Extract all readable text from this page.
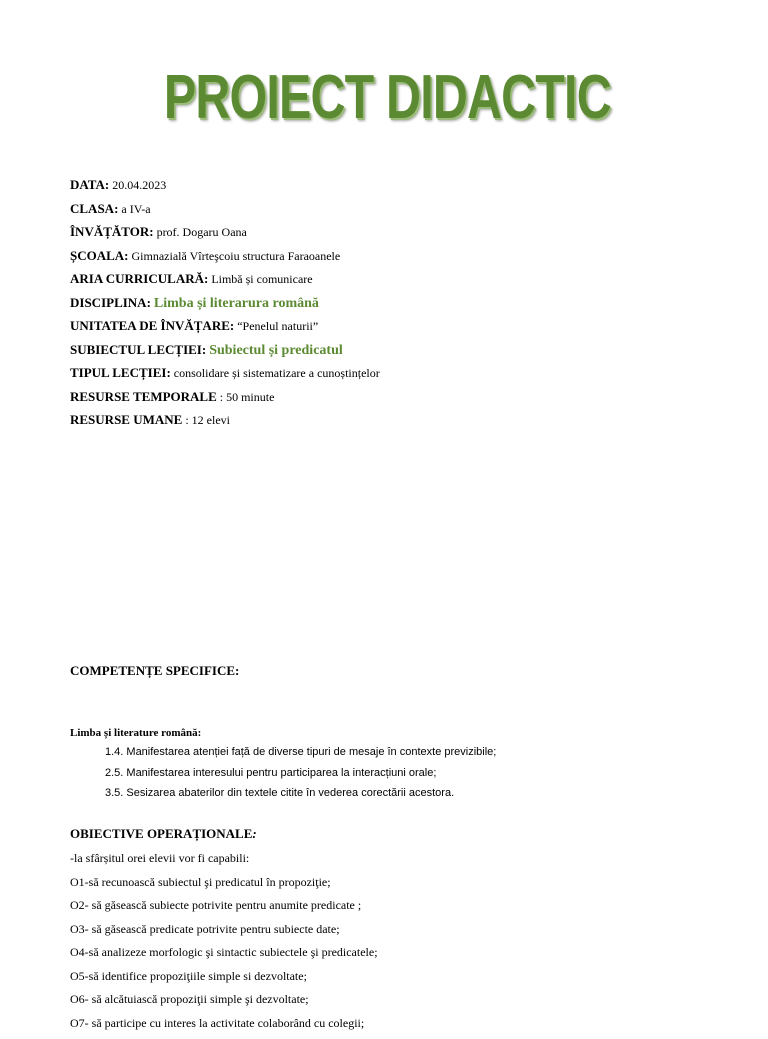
PROIECT DIDACTIC
DATA: 20.04.2023
CLASA: a IV-a
ÎNVĂȚĂTOR: prof. Dogaru Oana
ȘCOALA: Gimnazială Vîrteşcoiu structura Faraoanele
ARIA CURRICULARĂ: Limbă și comunicare
DISCIPLINA: Limba și literarura română
UNITATEA DE ÎNVĂȚARE: “Penelul naturii”
SUBIECTUL LECȚIEI: Subiectul și predicatul
TIPUL LECȚIEI: consolidare și sistematizare a cunoștințelor
RESURSE TEMPORALE : 50 minute
RESURSE UMANE : 12 elevi
COMPETENȚE SPECIFICE:
Limba și literature română:
1.4. Manifestarea atenției față de diverse tipuri de mesaje în contexte previzibile;
2.5. Manifestarea interesului pentru participarea la interacțiuni orale;
3.5. Sesizarea abaterilor din textele citite în vederea corectării acestora.
OBIECTIVE OPERAȚIONALE:
-la sfârșitul orei elevii vor fi capabili:
O1-să recunoască subiectul şi predicatul în propoziţie;
O2- să găsească subiecte potrivite pentru anumite predicate ;
O3- să găsească predicate potrivite pentru subiecte date;
O4-să analizeze morfologic şi sintactic subiectele şi predicatele;
O5-să identifice propoziţiile simple si dezvoltate;
O6- să alcătuiască propoziţii simple şi dezvoltate;
O7- să participe cu interes la activitate colaborând cu colegii;
